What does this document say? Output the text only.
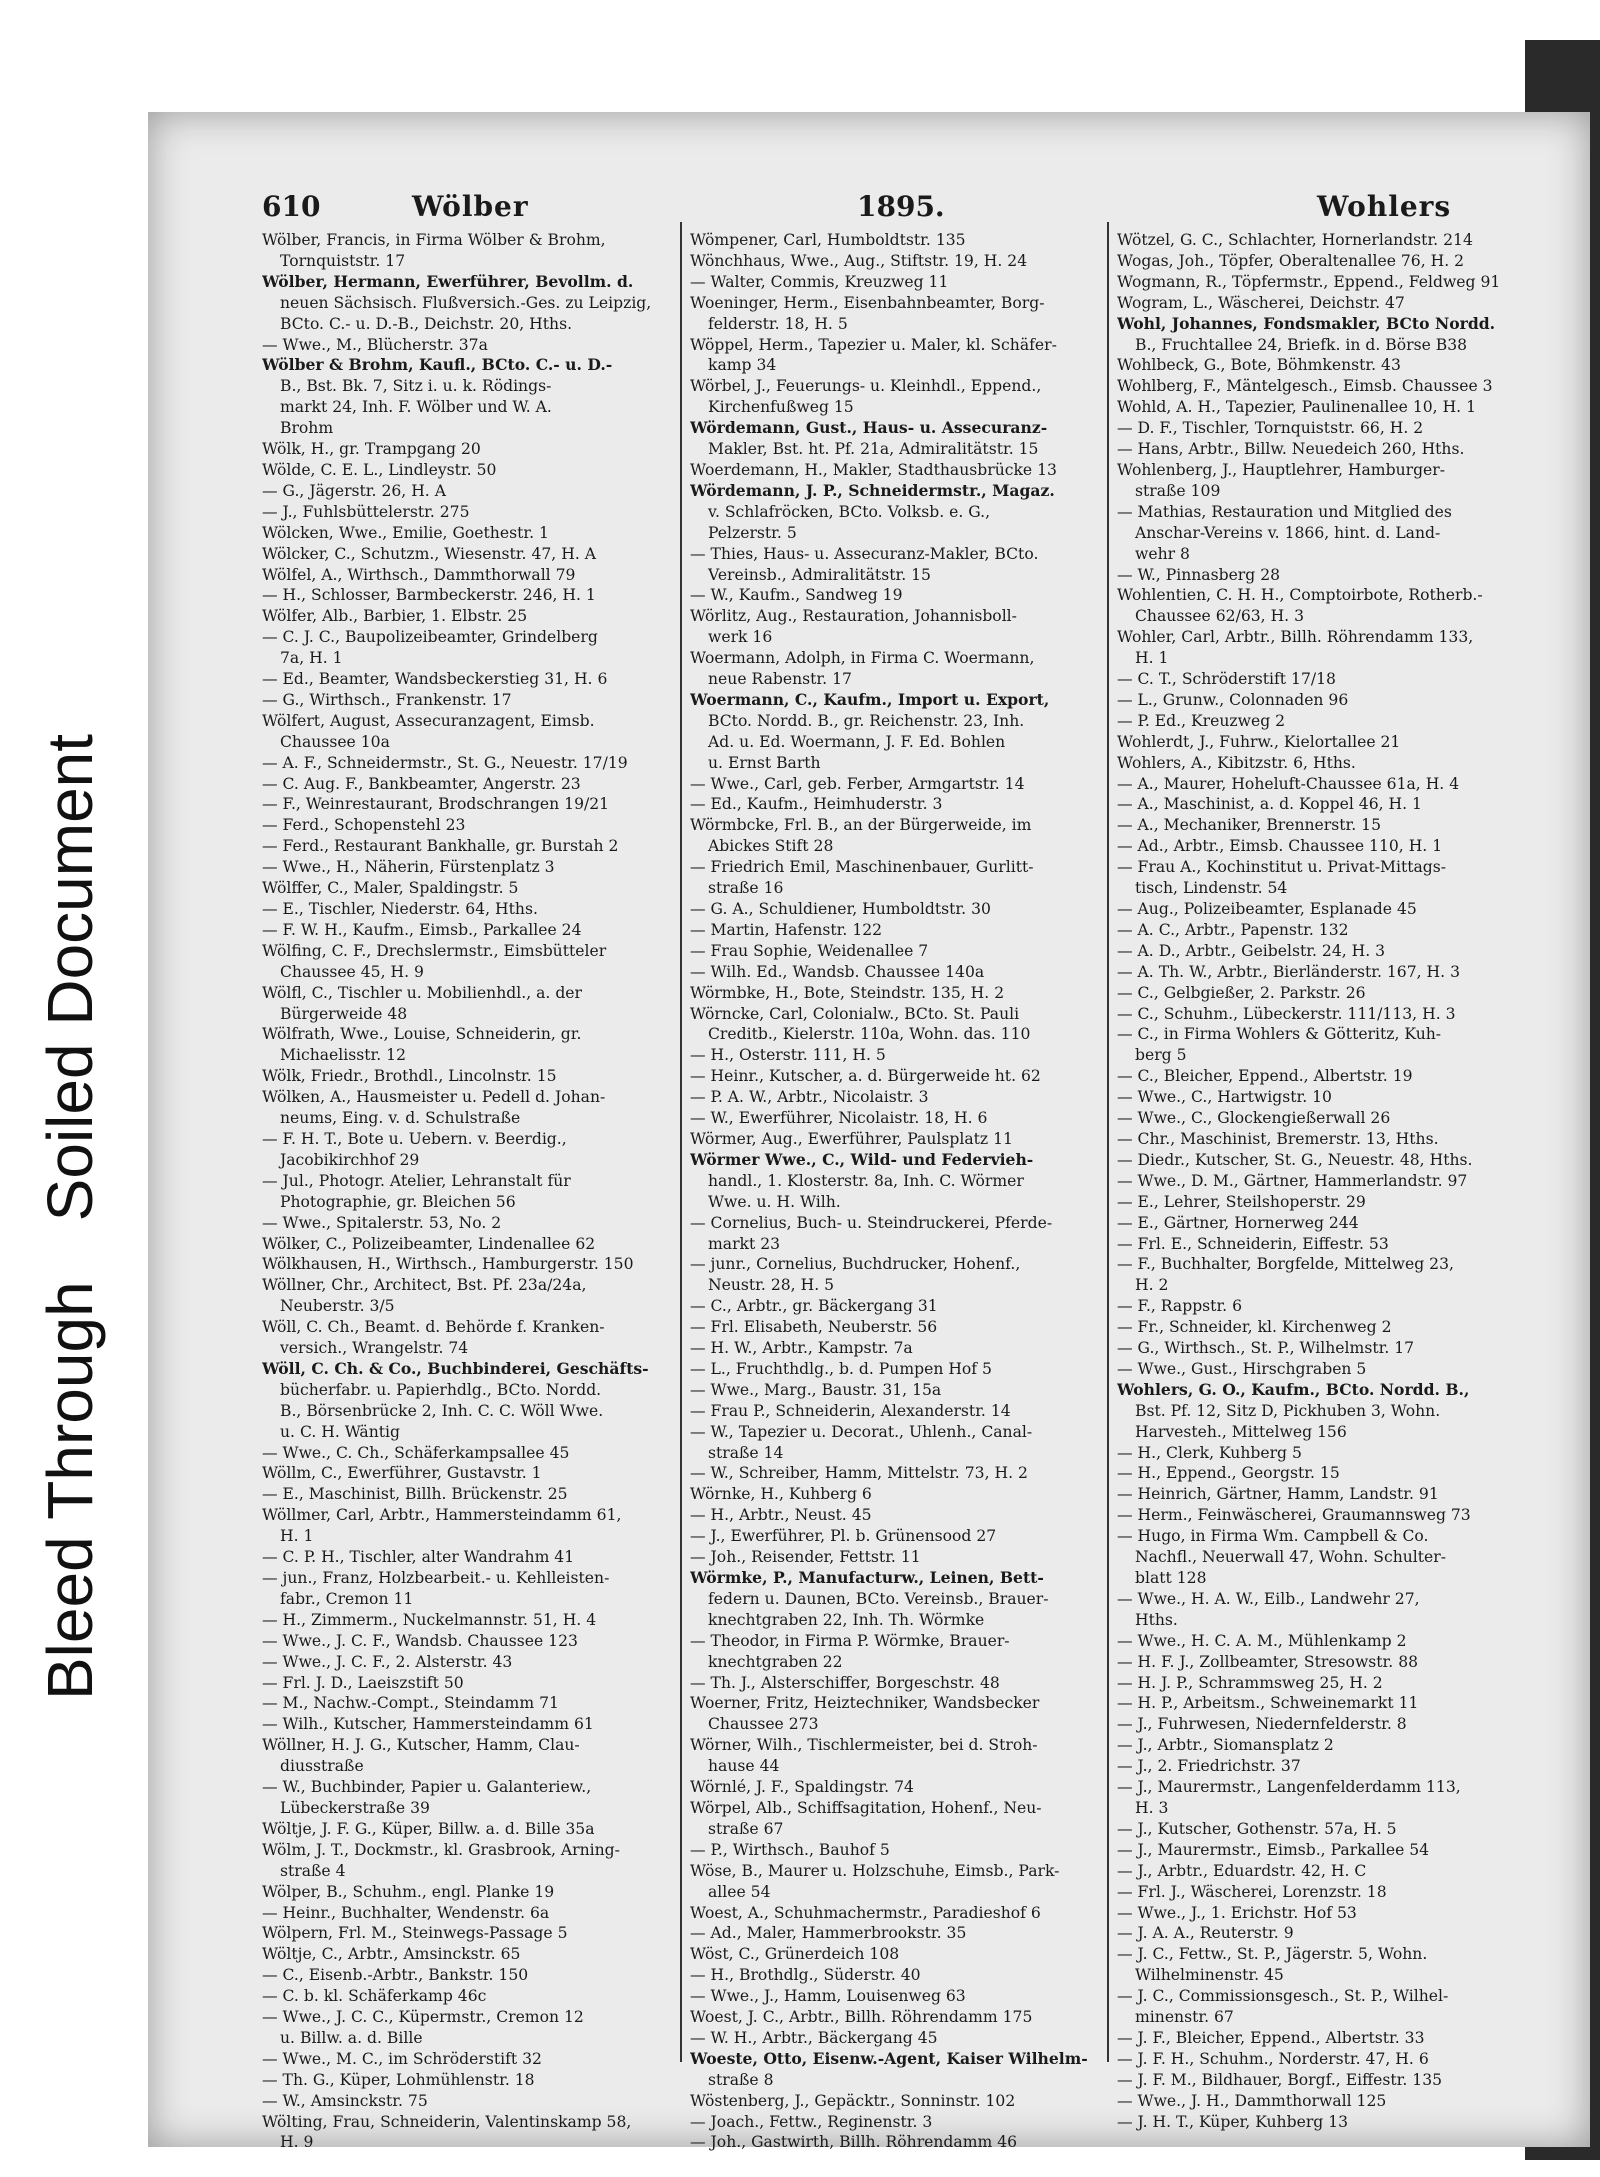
Bleed Through
Soiled Document
610	Wölber	1895.	Wohlers
Wölber, Francis, in Firma Wölber & Brohm,
Tornquiststr. 17
Wölber, Hermann, Ewerführer, Bevollm. d.
neuen Sächsisch. Flußversich.-Ges. zu Leipzig,
BCto. C.- u. D.-B., Deichstr. 20, Hths.
— Wwe., M., Blücherstr. 37a
Wölber & Brohm, Kaufl., BCto. C.- u. D.-
B., Bst. Bk. 7, Sitz i. u. k. Rödings-
markt 24, Inh. F. Wölber und W. A.
Brohm
Wölk, H., gr. Trampgang 20
Wölde, C. E. L., Lindleystr. 50
— G., Jägerstr. 26, H. A
— J., Fuhlsbüttelerstr. 275
Wölcken, Wwe., Emilie, Goethestr. 1
Wölcker, C., Schutzm., Wiesenstr. 47, H. A
Wölfel, A., Wirthsch., Dammthorwall 79
— H., Schlosser, Barmbeckerstr. 246, H. 1
Wölfer, Alb., Barbier, 1. Elbstr. 25
— C. J. C., Baupolizeibeamter, Grindelberg
7a, H. 1
— Ed., Beamter, Wandsbeckerstieg 31, H. 6
— G., Wirthsch., Frankenstr. 17
Wölfert, August, Assecuranzagent, Eimsb.
Chaussee 10a
— A. F., Schneidermstr., St. G., Neuestr. 17/19
— C. Aug. F., Bankbeamter, Angerstr. 23
— F., Weinrestaurant, Brodschrangen 19/21
— Ferd., Schopenstehl 23
— Ferd., Restaurant Bankhalle, gr. Burstah 2
— Wwe., H., Näherin, Fürstenplatz 3
Wölffer, C., Maler, Spaldingstr. 5
— E., Tischler, Niederstr. 64, Hths.
— F. W. H., Kaufm., Eimsb., Parkallee 24
Wölfing, C. F., Drechslermstr., Eimsbütteler
Chaussee 45, H. 9
Wölfl, C., Tischler u. Mobilienhdl., a. der
Bürgerweide 48
Wölfrath, Wwe., Louise, Schneiderin, gr.
Michaelisstr. 12
Wölk, Friedr., Brothdl., Lincolnstr. 15
Wölken, A., Hausmeister u. Pedell d. Johan-
neums, Eing. v. d. Schulstraße
— F. H. T., Bote u. Uebern. v. Beerdig.,
Jacobikirchhof 29
— Jul., Photogr. Atelier, Lehranstalt für
Photographie, gr. Bleichen 56
— Wwe., Spitalerstr. 53, No. 2
Wölker, C., Polizeibeamter, Lindenallee 62
Wölkhausen, H., Wirthsch., Hamburgerstr. 150
Wöllner, Chr., Architect, Bst. Pf. 23a/24a,
Neuberstr. 3/5
Wöll, C. Ch., Beamt. d. Behörde f. Kranken-
versich., Wrangelstr. 74
Wöll, C. Ch. & Co., Buchbinderei, Geschäfts-
bücherfabr. u. Papierhdlg., BCto. Nordd.
B., Börsenbrücke 2, Inh. C. C. Wöll Wwe.
u. C. H. Wäntig
— Wwe., C. Ch., Schäferkampsallee 45
Wöllm, C., Ewerführer, Gustavstr. 1
— E., Maschinist, Billh. Brückenstr. 25
Wöllmer, Carl, Arbtr., Hammersteindamm 61,
H. 1
— C. P. H., Tischler, alter Wandrahm 41
— jun., Franz, Holzbearbeit.- u. Kehlleisten-
fabr., Cremon 11
— H., Zimmerm., Nuckelmannstr. 51, H. 4
— Wwe., J. C. F., Wandsb. Chaussee 123
— Wwe., J. C. F., 2. Alsterstr. 43
— Frl. J. D., Laeiszstift 50
— M., Nachw.-Compt., Steindamm 71
— Wilh., Kutscher, Hammersteindamm 61
Wöllner, H. J. G., Kutscher, Hamm, Clau-
diusstraße
— W., Buchbinder, Papier u. Galanteriew.,
Lübeckerstraße 39
Wöltje, J. F. G., Küper, Billw. a. d. Bille 35a
Wölm, J. T., Dockmstr., kl. Grasbrook, Arning-
straße 4
Wölper, B., Schuhm., engl. Planke 19
— Heinr., Buchhalter, Wendenstr. 6a
Wölpern, Frl. M., Steinwegs-Passage 5
Wöltje, C., Arbtr., Amsinckstr. 65
— C., Eisenb.-Arbtr., Bankstr. 150
— C. b. kl. Schäferkamp 46c
— Wwe., J. C. C., Küpermstr., Cremon 12
u. Billw. a. d. Bille
— Wwe., M. C., im Schröderstift 32
— Th. G., Küper, Lohmühlenstr. 18
— W., Amsinckstr. 75
Wölting, Frau, Schneiderin, Valentinskamp 58,
H. 9
Wömpener, Carl, Humboldtstr. 135
Wönchhaus, Wwe., Aug., Stiftstr. 19, H. 24
— Walter, Commis, Kreuzweg 11
Woeninger, Herm., Eisenbahnbeamter, Borg-
felderstr. 18, H. 5
Wöppel, Herm., Tapezier u. Maler, kl. Schäfer-
kamp 34
Wörbel, J., Feuerungs- u. Kleinhdl., Eppend.,
Kirchenfußweg 15
Wördemann, Gust., Haus- u. Assecuranz-
Makler, Bst. ht. Pf. 21a, Admiralitätstr. 15
Woerdemann, H., Makler, Stadthausbrücke 13
Wördemann, J. P., Schneidermstr., Magaz.
v. Schlafröcken, BCto. Volksb. e. G.,
Pelzerstr. 5
— Thies, Haus- u. Assecuranz-Makler, BCto.
Vereinsb., Admiralitätstr. 15
— W., Kaufm., Sandweg 19
Wörlitz, Aug., Restauration, Johannisboll-
werk 16
Woermann, Adolph, in Firma C. Woermann,
neue Rabenstr. 17
Woermann, C., Kaufm., Import u. Export,
BCto. Nordd. B., gr. Reichenstr. 23, Inh.
Ad. u. Ed. Woermann, J. F. Ed. Bohlen
u. Ernst Barth
— Wwe., Carl, geb. Ferber, Armgartstr. 14
— Ed., Kaufm., Heimhuderstr. 3
Wörmbcke, Frl. B., an der Bürgerweide, im
Abickes Stift 28
— Friedrich Emil, Maschinenbauer, Gurlitt-
straße 16
— G. A., Schuldiener, Humboldtstr. 30
— Martin, Hafenstr. 122
— Frau Sophie, Weidenallee 7
— Wilh. Ed., Wandsb. Chaussee 140a
Wörmbke, H., Bote, Steindstr. 135, H. 2
Wörncke, Carl, Colonialw., BCto. St. Pauli
Creditb., Kielerstr. 110a, Wohn. das. 110
— H., Osterstr. 111, H. 5
— Heinr., Kutscher, a. d. Bürgerweide ht. 62
— P. A. W., Arbtr., Nicolaistr. 3
— W., Ewerführer, Nicolaistr. 18, H. 6
Wörmer, Aug., Ewerführer, Paulsplatz 11
Wörmer Wwe., C., Wild- und Federvieh-
handl., 1. Klosterstr. 8a, Inh. C. Wörmer
Wwe. u. H. Wilh.
— Cornelius, Buch- u. Steindruckerei, Pferde-
markt 23
— junr., Cornelius, Buchdrucker, Hohenf.,
Neustr. 28, H. 5
— C., Arbtr., gr. Bäckergang 31
— Frl. Elisabeth, Neuberstr. 56
— H. W., Arbtr., Kampstr. 7a
— L., Fruchthdlg., b. d. Pumpen Hof 5
— Wwe., Marg., Baustr. 31, 15a
— Frau P., Schneiderin, Alexanderstr. 14
— W., Tapezier u. Decorat., Uhlenh., Canal-
straße 14
— W., Schreiber, Hamm, Mittelstr. 73, H. 2
Wörnke, H., Kuhberg 6
— H., Arbtr., Neust. 45
— J., Ewerführer, Pl. b. Grünensood 27
— Joh., Reisender, Fettstr. 11
Wörmke, P., Manufacturw., Leinen, Bett-
federn u. Daunen, BCto. Vereinsb., Brauer-
knechtgraben 22, Inh. Th. Wörmke
— Theodor, in Firma P. Wörmke, Brauer-
knechtgraben 22
— Th. J., Alsterschiffer, Borgeschstr. 48
Woerner, Fritz, Heiztechniker, Wandsbecker
Chaussee 273
Wörner, Wilh., Tischlermeister, bei d. Stroh-
hause 44
Wörnlé, J. F., Spaldingstr. 74
Wörpel, Alb., Schiffsagitation, Hohenf., Neu-
straße 67
— P., Wirthsch., Bauhof 5
Wöse, B., Maurer u. Holzschuhe, Eimsb., Park-
allee 54
Woest, A., Schuhmachermstr., Paradieshof 6
— Ad., Maler, Hammerbrookstr. 35
Wöst, C., Grünerdeich 108
— H., Brothdlg., Süderstr. 40
— Wwe., J., Hamm, Louisenweg 63
Woest, J. C., Arbtr., Billh. Röhrendamm 175
— W. H., Arbtr., Bäckergang 45
Woeste, Otto, Eisenw.-Agent, Kaiser Wilhelm-
straße 8
Wöstenberg, J., Gepäcktr., Sonninstr. 102
— Joach., Fettw., Reginenstr. 3
— Joh., Gastwirth, Billh. Röhrendamm 46
Wötzel, G. C., Schlachter, Hornerlandstr. 214
Wogas, Joh., Töpfer, Oberaltenallee 76, H. 2
Wogmann, R., Töpfermstr., Eppend., Feldweg 91
Wogram, L., Wäscherei, Deichstr. 47
Wohl, Johannes, Fondsmakler, BCto Nordd.
B., Fruchtallee 24, Briefk. in d. Börse B38
Wohlbeck, G., Bote, Böhmkenstr. 43
Wohlberg, F., Mäntelgesch., Eimsb. Chaussee 3
Wohld, A. H., Tapezier, Paulinenallee 10, H. 1
— D. F., Tischler, Tornquiststr. 66, H. 2
— Hans, Arbtr., Billw. Neuedeich 260, Hths.
Wohlenberg, J., Hauptlehrer, Hamburger-
straße 109
— Mathias, Restauration und Mitglied des
Anschar-Vereins v. 1866, hint. d. Land-
wehr 8
— W., Pinnasberg 28
Wohlentien, C. H. H., Comptoirbote, Rotherb.-
Chaussee 62/63, H. 3
Wohler, Carl, Arbtr., Billh. Röhrendamm 133,
H. 1
— C. T., Schröderstift 17/18
— L., Grunw., Colonnaden 96
— P. Ed., Kreuzweg 2
Wohlerdt, J., Fuhrw., Kielortallee 21
Wohlers, A., Kibitzstr. 6, Hths.
— A., Maurer, Hoheluft-Chaussee 61a, H. 4
— A., Maschinist, a. d. Koppel 46, H. 1
— A., Mechaniker, Brennerstr. 15
— Ad., Arbtr., Eimsb. Chaussee 110, H. 1
— Frau A., Kochinstitut u. Privat-Mittags-
tisch, Lindenstr. 54
— Aug., Polizeibeamter, Esplanade 45
— A. C., Arbtr., Papenstr. 132
— A. D., Arbtr., Geibelstr. 24, H. 3
— A. Th. W., Arbtr., Bierländerstr. 167, H. 3
— C., Gelbgießer, 2. Parkstr. 26
— C., Schuhm., Lübeckerstr. 111/113, H. 3
— C., in Firma Wohlers & Götteritz, Kuh-
berg 5
— C., Bleicher, Eppend., Albertstr. 19
— Wwe., C., Hartwigstr. 10
— Wwe., C., Glockengießerwall 26
— Chr., Maschinist, Bremerstr. 13, Hths.
— Diedr., Kutscher, St. G., Neuestr. 48, Hths.
— Wwe., D. M., Gärtner, Hammerlandstr. 97
— E., Lehrer, Steilshoperstr. 29
— E., Gärtner, Hornerweg 244
— Frl. E., Schneiderin, Eiffestr. 53
— F., Buchhalter, Borgfelde, Mittelweg 23,
H. 2
— F., Rappstr. 6
— Fr., Schneider, kl. Kirchenweg 2
— G., Wirthsch., St. P., Wilhelmstr. 17
— Wwe., Gust., Hirschgraben 5
Wohlers, G. O., Kaufm., BCto. Nordd. B.,
Bst. Pf. 12, Sitz D, Pickhuben 3, Wohn.
Harvesteh., Mittelweg 156
— H., Clerk, Kuhberg 5
— H., Eppend., Georgstr. 15
— Heinrich, Gärtner, Hamm, Landstr. 91
— Herm., Feinwäscherei, Graumannsweg 73
— Hugo, in Firma Wm. Campbell & Co.
Nachfl., Neuerwall 47, Wohn. Schulter-
blatt 128
— Wwe., H. A. W., Eilb., Landwehr 27,
Hths.
— Wwe., H. C. A. M., Mühlenkamp 2
— H. F. J., Zollbeamter, Stresowstr. 88
— H. J. P., Schrammsweg 25, H. 2
— H. P., Arbeitsm., Schweinemarkt 11
— J., Fuhrwesen, Niedernfelderstr. 8
— J., Arbtr., Siomansplatz 2
— J., 2. Friedrichstr. 37
— J., Maurermstr., Langenfelderdamm 113,
H. 3
— J., Kutscher, Gothenstr. 57a, H. 5
— J., Maurermstr., Eimsb., Parkallee 54
— J., Arbtr., Eduardstr. 42, H. C
— Frl. J., Wäscherei, Lorenzstr. 18
— Wwe., J., 1. Erichstr. Hof 53
— J. A. A., Reuterstr. 9
— J. C., Fettw., St. P., Jägerstr. 5, Wohn.
Wilhelminenstr. 45
— J. C., Commissionsgesch., St. P., Wilhel-
minenstr. 67
— J. F., Bleicher, Eppend., Albertstr. 33
— J. F. H., Schuhm., Norderstr. 47, H. 6
— J. F. M., Bildhauer, Borgf., Eiffestr. 135
— Wwe., J. H., Dammthorwall 125
— J. H. T., Küper, Kuhberg 13
